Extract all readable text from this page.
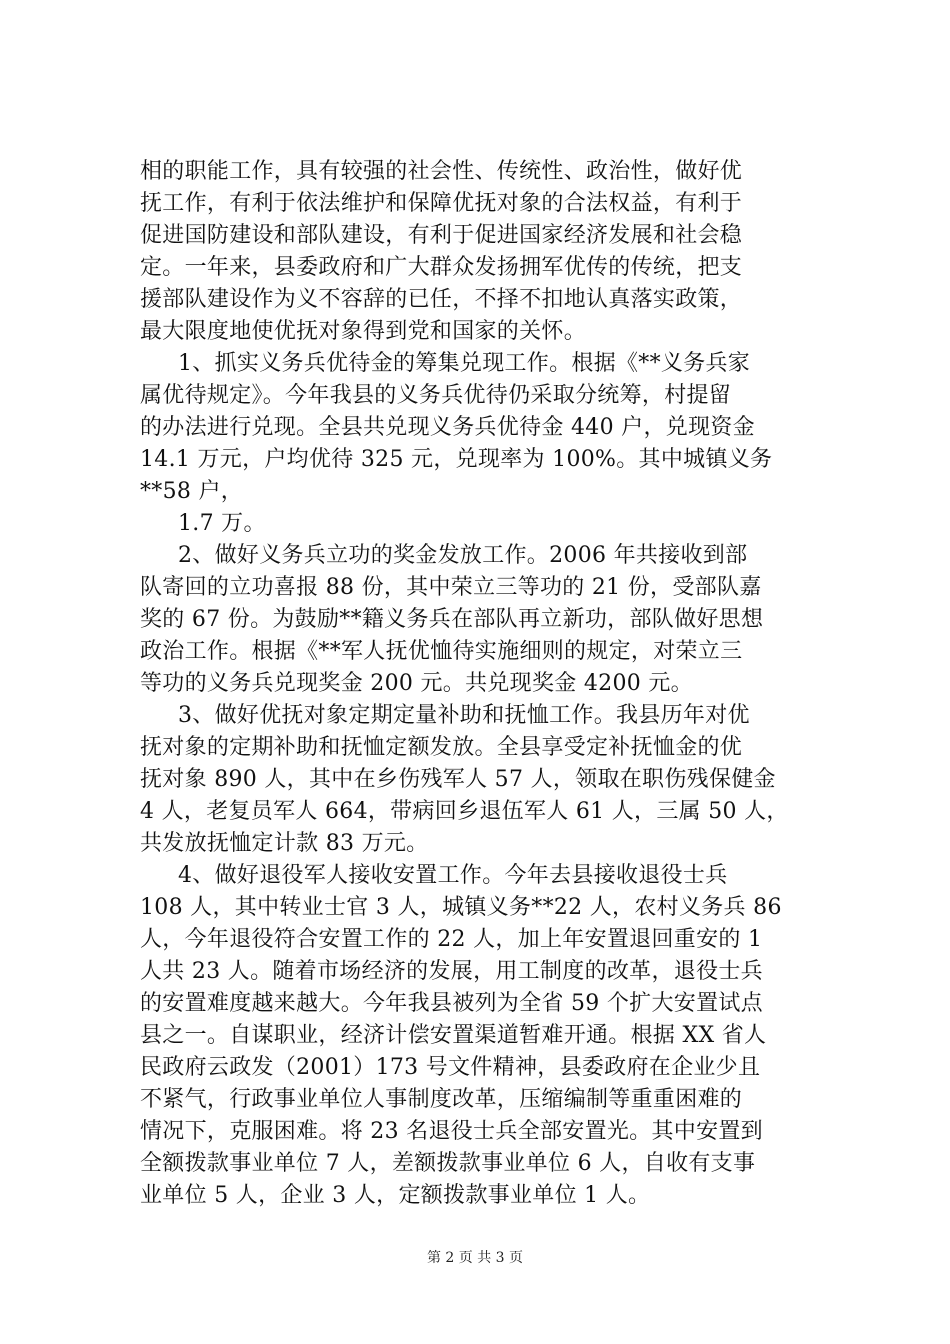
相的职能工作，具有较强的社会性、传统性、政治性，做好优
抚工作，有利于依法维护和保障优抚对象的合法权益，有利于
促进国防建设和部队建设，有利于促进国家经济发展和社会稳
定。一年来，县委政府和广大群众发扬拥军优传的传统，把支
援部队建设作为义不容辞的已任，不择不扣地认真落实政策，
最大限度地使优抚对象得到党和国家的关怀。
1、抓实义务兵优待金的筹集兑现工作。根据《**义务兵家
属优待规定》。今年我县的义务兵优待仍采取分统筹，村提留
的办法进行兑现。全县共兑现义务兵优待金 440 户，兑现资金
14.1 万元，户均优待 325 元，兑现率为 100%。其中城镇义务
**58 户，
1.7 万。
2、做好义务兵立功的奖金发放工作。2006 年共接收到部
队寄回的立功喜报 88 份，其中荣立三等功的 21 份，受部队嘉
奖的 67 份。为鼓励**籍义务兵在部队再立新功，部队做好思想
政治工作。根据《**军人抚优恤待实施细则的规定，对荣立三
等功的义务兵兑现奖金 200 元。共兑现奖金 4200 元。
3、做好优抚对象定期定量补助和抚恤工作。我县历年对优
抚对象的定期补助和抚恤定额发放。全县享受定补抚恤金的优
抚对象 890 人，其中在乡伤残军人 57 人，领取在职伤残保健金
4 人，老复员军人 664，带病回乡退伍军人 61 人，三属 50 人，
共发放抚恤定计款 83 万元。
4、做好退役军人接收安置工作。今年去县接收退役士兵
108 人，其中转业士官 3 人，城镇义务**22 人，农村义务兵 86
人，今年退役符合安置工作的 22 人，加上年安置退回重安的 1
人共 23 人。随着市场经济的发展，用工制度的改革，退役士兵
的安置难度越来越大。今年我县被列为全省 59 个扩大安置试点
县之一。自谋职业，经济计偿安置渠道暂难开通。根据 XX 省人
民政府云政发（2001）173 号文件精神，县委政府在企业少且
不紧气，行政事业单位人事制度改革，压缩编制等重重困难的
情况下，克服困难。将 23 名退役士兵全部安置光。其中安置到
全额拨款事业单位 7 人，差额拨款事业单位 6 人，自收有支事
业单位 5 人，企业 3 人，定额拨款事业单位 1 人。
第 2 页 共 3 页
